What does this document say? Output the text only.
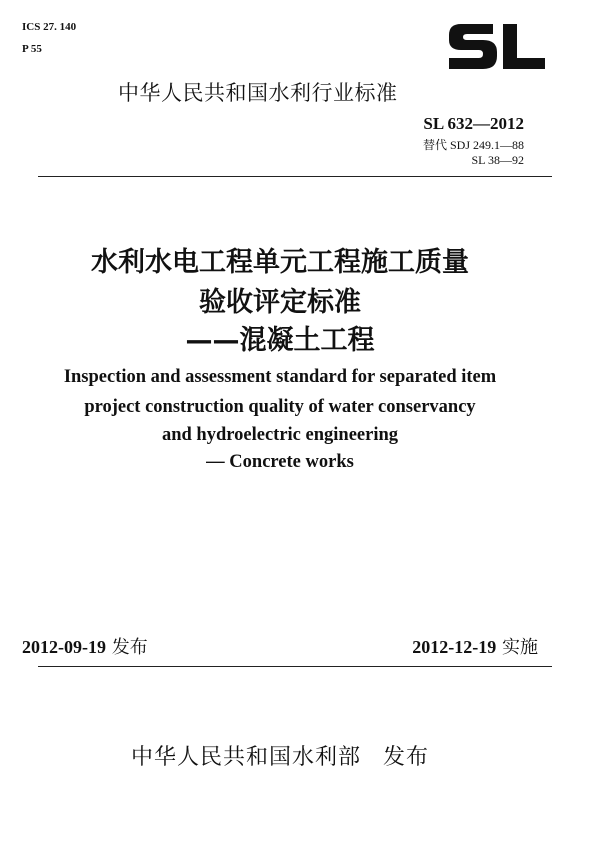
ICS 27. 140
P 55
中华人民共和国水利行业标准
SL 632—2012
替代 SDJ 249.1—88
SL 38—92
水利水电工程单元工程施工质量
验收评定标准
——混凝土工程
Inspection and assessment standard for separated item
project construction quality of water conservancy
and hydroelectric engineering
— Concrete works
2012-09-19 发布	2012-12-19 实施
中华人民共和国水利部 发布
